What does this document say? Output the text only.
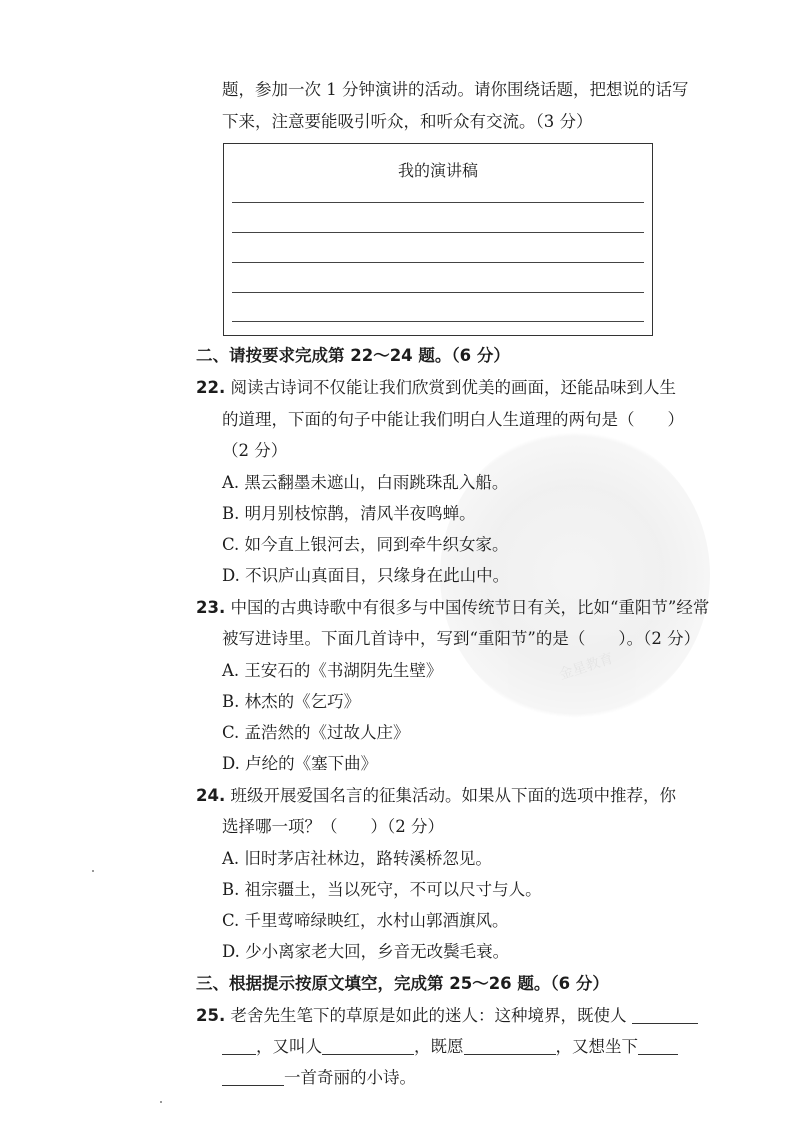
金星教育
题，参加一次 1 分钟演讲的活动。请你围绕话题，把想说的话写
下来，注意要能吸引听众，和听众有交流。（3 分）
我的演讲稿
二、请按要求完成第 22～24 题。（6 分）
22. 阅读古诗词不仅能让我们欣赏到优美的画面，还能品味到人生
的道理，下面的句子中能让我们明白人生道理的两句是（　　）
（2 分）
A. 黑云翻墨未遮山，白雨跳珠乱入船。
B. 明月别枝惊鹊，清风半夜鸣蝉。
C. 如今直上银河去，同到牵牛织女家。
D. 不识庐山真面目，只缘身在此山中。
23. 中国的古典诗歌中有很多与中国传统节日有关，比如“重阳节”经常
被写进诗里。下面几首诗中，写到“重阳节”的是（　　）。（2 分）
A. 王安石的《书湖阴先生壁》
B. 林杰的《乞巧》
C. 孟浩然的《过故人庄》
D. 卢纶的《塞下曲》
24. 班级开展爱国名言的征集活动。如果从下面的选项中推荐，你
选择哪一项？（　　）（2 分）
A. 旧时茅店社林边，路转溪桥忽见。
B. 祖宗疆土，当以死守，不可以尺寸与人。
C. 千里莺啼绿映红，水村山郭酒旗风。
D. 少小离家老大回，乡音无改鬓毛衰。
三、根据提示按原文填空，完成第 25～26 题。（6 分）
25. 老舍先生笔下的草原是如此的迷人：这种境界，既使人
，又叫人	，既愿	，又想坐下
一首奇丽的小诗。
